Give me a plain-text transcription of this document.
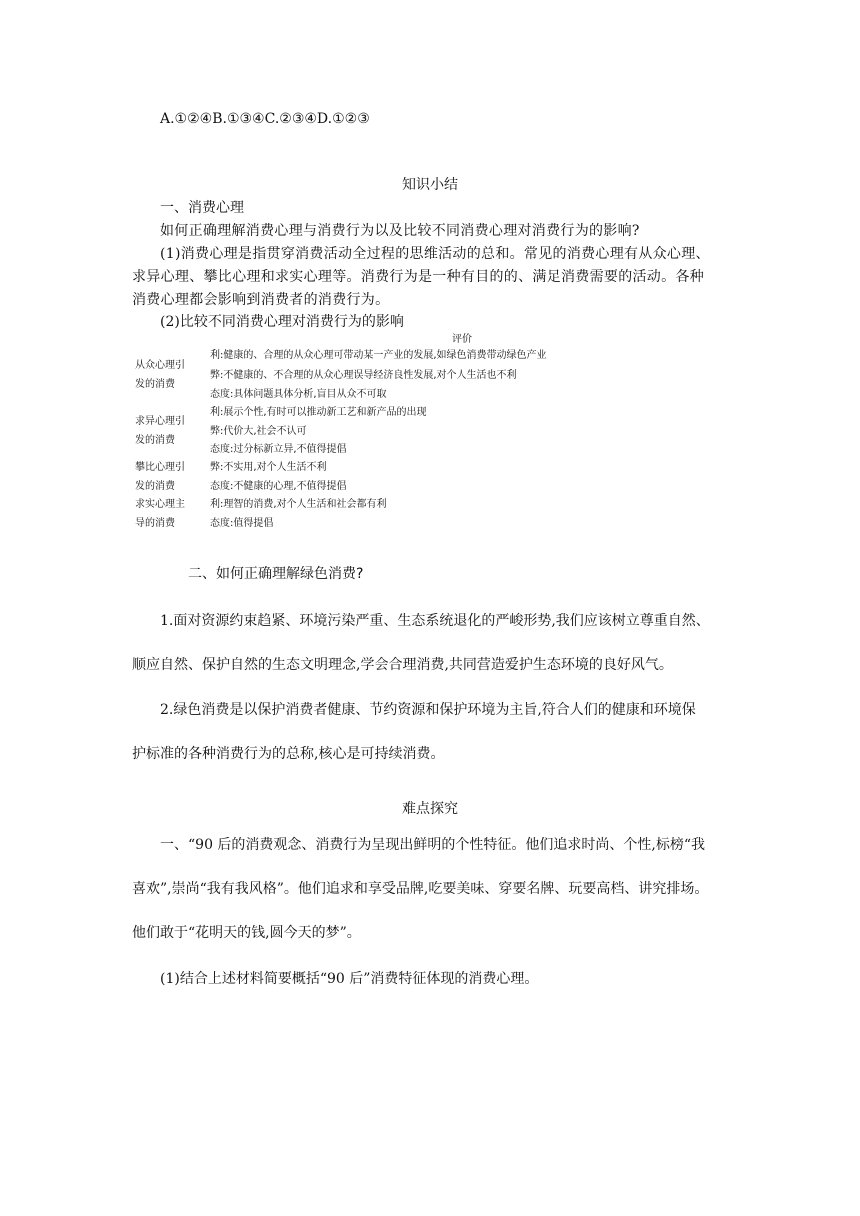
A.①②④B.①③④C.②③④D.①②③
知识小结
一、消费心理
如何正确理解消费心理与消费行为以及比较不同消费心理对消费行为的影响?
(1)消费心理是指贯穿消费活动全过程的思维活动的总和。常见的消费心理有从众心理、
求异心理、攀比心理和求实心理等。消费行为是一种有目的的、满足消费需要的活动。各种
消费心理都会影响到消费者的消费行为。
(2)比较不同消费心理对消费行为的影响
评价
从众心理引
发的消费
利:健康的、合理的从众心理可带动某一产业的发展,如绿色消费带动绿色产业
弊:不健康的、不合理的从众心理误导经济良性发展,对个人生活也不利
态度:具体问题具体分析,盲目从众不可取
求异心理引
发的消费
利:展示个性,有时可以推动新工艺和新产品的出现
弊:代价大,社会不认可
态度:过分标新立异,不值得提倡
攀比心理引
发的消费
弊:不实用,对个人生活不利
态度:不健康的心理,不值得提倡
求实心理主
导的消费
利:理智的消费,对个人生活和社会都有利
态度:值得提倡
二、如何正确理解绿色消费?
1.面对资源约束趋紧、环境污染严重、生态系统退化的严峻形势,我们应该树立尊重自然、
顺应自然、保护自然的生态文明理念,学会合理消费,共同营造爱护生态环境的良好风气。
2.绿色消费是以保护消费者健康、节约资源和保护环境为主旨,符合人们的健康和环境保
护标准的各种消费行为的总称,核心是可持续消费。
难点探究
一、“90 后的消费观念、消费行为呈现出鲜明的个性特征。他们追求时尚、个性,标榜“我
喜欢”,崇尚“我有我风格”。他们追求和享受品牌,吃要美味、穿要名牌、玩要高档、讲究排场。
他们敢于“花明天的钱,圆今天的梦”。
(1)结合上述材料简要概括“90 后”消费特征体现的消费心理。
